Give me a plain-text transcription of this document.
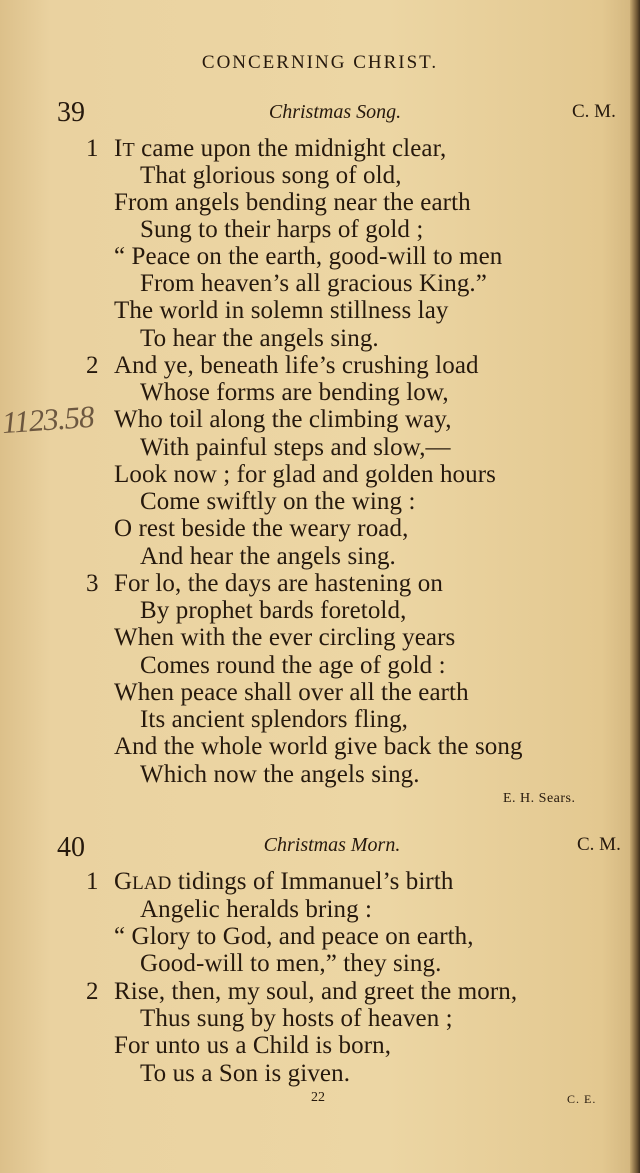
CONCERNING CHRIST.
1123.58
39	Christmas Song.	C. M.
1
2
3
IT came upon the midnight clear,
That glorious song of old,
From angels bending near the earth
Sung to their harps of gold ;
“ Peace on the earth, good-will to men
From heaven’s all gracious King.”
The world in solemn stillness lay
To hear the angels sing.
And ye, beneath life’s crushing load
Whose forms are bending low,
Who toil along the climbing way,
With painful steps and slow,—
Look now ; for glad and golden hours
Come swiftly on the wing :
O rest beside the weary road,
And hear the angels sing.
For lo, the days are hastening on
By prophet bards foretold,
When with the ever circling years
Comes round the age of gold :
When peace shall over all the earth
Its ancient splendors fling,
And the whole world give back the song
Which now the angels sing.
E. H. Sears.
40	Christmas Morn.	C. M.
1
2
GLAD tidings of Immanuel’s birth
Angelic heralds bring :
“ Glory to God, and peace on earth,
Good-will to men,” they sing.
Rise, then, my soul, and greet the morn,
Thus sung by hosts of heaven ;
For unto us a Child is born,
To us a Son is given.
22	C. E.
